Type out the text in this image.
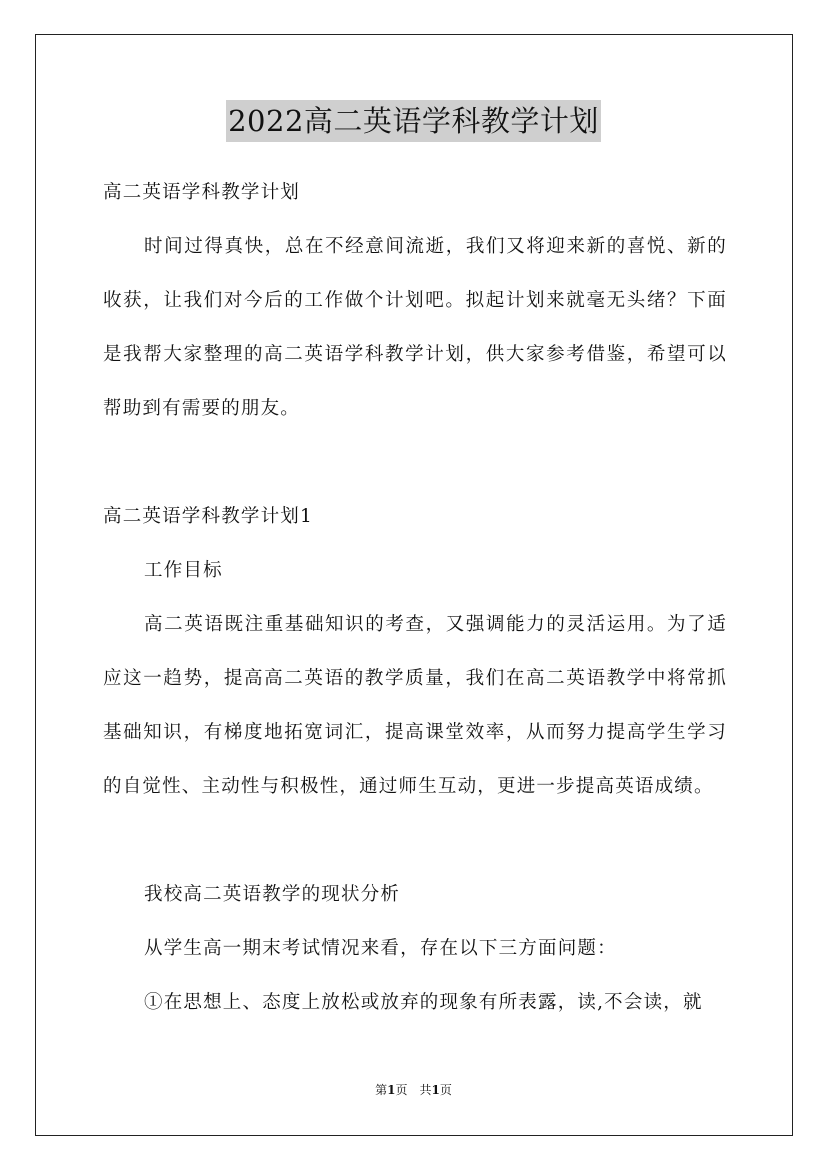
2022高二英语学科教学计划

高二英语学科教学计划

时间过得真快，总在不经意间流逝，我们又将迎来新的喜悦、新的收获，让我们对今后的工作做个计划吧。拟起计划来就毫无头绪？下面是我帮大家整理的高二英语学科教学计划，供大家参考借鉴，希望可以帮助到有需要的朋友。

高二英语学科教学计划1

工作目标

高二英语既注重基础知识的考查，又强调能力的灵活运用。为了适应这一趋势，提高高二英语的教学质量，我们在高二英语教学中将常抓基础知识，有梯度地拓宽词汇，提高课堂效率，从而努力提高学生学习的自觉性、主动性与积极性，通过师生互动，更进一步提高英语成绩。

我校高二英语教学的现状分析

从学生高一期末考试情况来看，存在以下三方面问题：

①在思想上、态度上放松或放弃的现象有所表露，读,不会读，就

第1页　共1页
